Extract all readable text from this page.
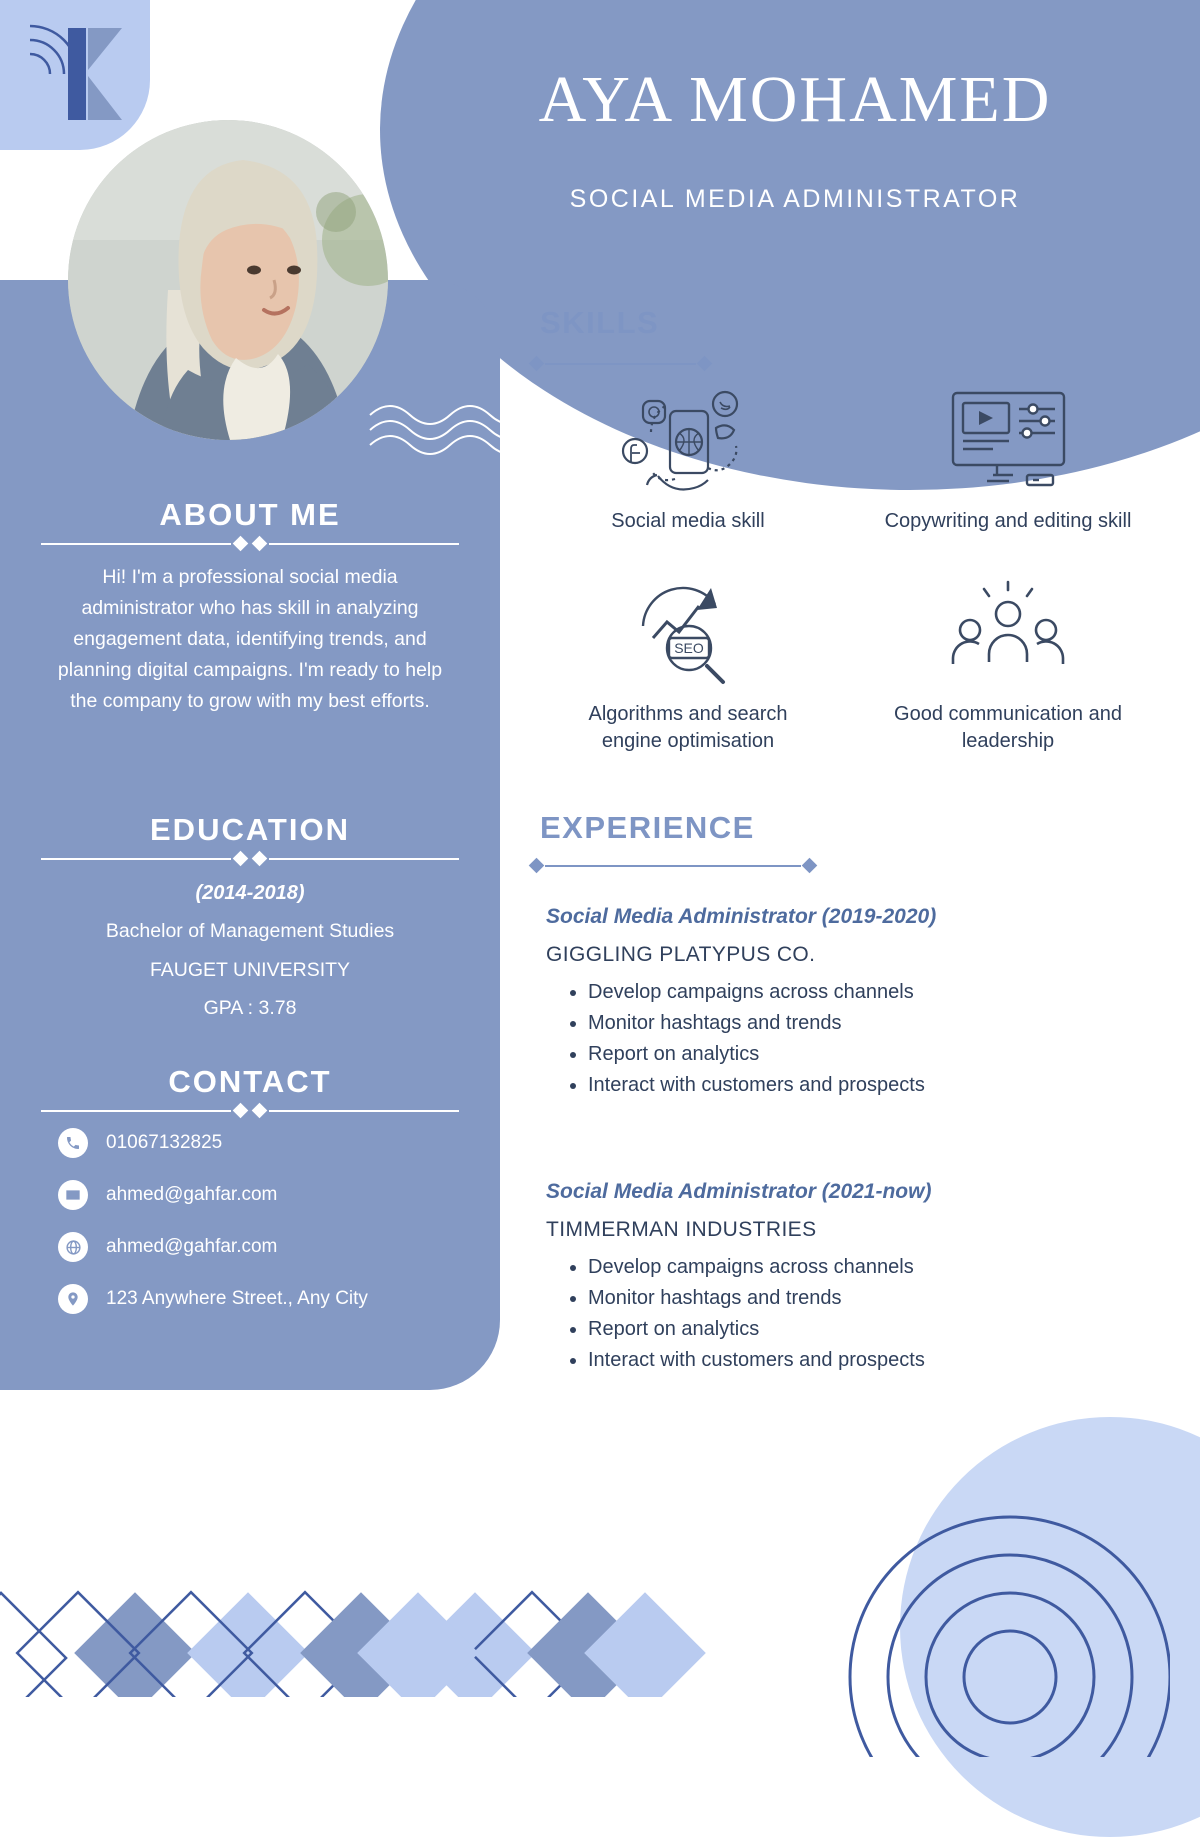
ABOUT ME
Hi! I'm a professional social media administrator who has skill in analyzing engagement data, identifying trends, and planning digital campaigns. I'm ready to help the company to grow with my best efforts.
EDUCATION
(2014-2018)
Bachelor of Management Studies
FAUGET UNIVERSITY
GPA : 3.78
CONTACT
01067132825
ahmed@gahfar.com
ahmed@gahfar.com
123 Anywhere Street., Any City
AYA MOHAMED
SOCIAL MEDIA ADMINISTRATOR
SKILLS
Social media skill	Copywriting and editing skill
SEO
Algorithms and search engine optimisation
Good communication and leadership
EXPERIENCE
Social Media Administrator (2019-2020)
GIGGLING PLATYPUS CO.
• Develop campaigns across channels
• Monitor hashtags and trends
• Report on analytics
• Interact with customers and prospects
Social Media Administrator (2021-now)
TIMMERMAN INDUSTRIES
• Develop campaigns across channels
• Monitor hashtags and trends
• Report on analytics
• Interact with customers and prospects
